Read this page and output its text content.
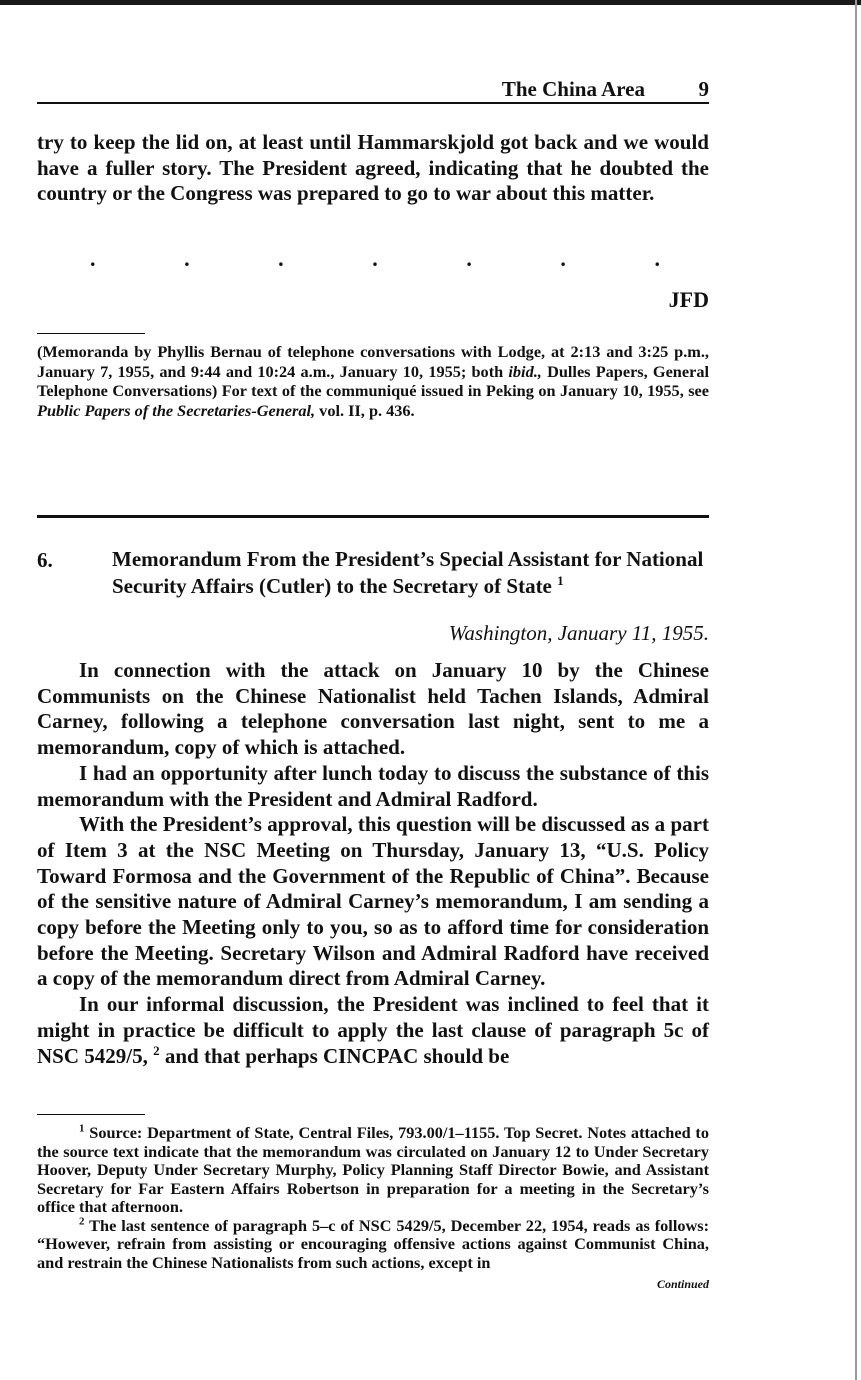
The China Area	9

try to keep the lid on, at least until Hammarskjold got back and we would have a fuller story. The President agreed, indicating that he doubted the country or the Congress was prepared to go to war about this matter.

.	.	.	.	.	.	.
JFD
(Memoranda by Phyllis Bernau of telephone conversations with Lodge, at 2:13 and 3:25 p.m., January 7, 1955, and 9:44 and 10:24 a.m., January 10, 1955; both ibid., Dulles Papers, General Telephone Conversations) For text of the communiqué issued in Peking on January 10, 1955, see Public Papers of the Secretaries-General, vol. II, p. 436.
6.	Memorandum From the President’s Special Assistant for National Security Affairs (Cutler) to the Secretary of State $^1$
Washington, January 11, 1955.

In connection with the attack on January 10 by the Chinese Communists on the Chinese Nationalist held Tachen Islands, Admiral Carney, following a telephone conversation last night, sent to me a memorandum, copy of which is attached.

I had an opportunity after lunch today to discuss the substance of this memorandum with the President and Admiral Radford.

With the President’s approval, this question will be discussed as a part of Item 3 at the NSC Meeting on Thursday, January 13, “U.S. Policy Toward Formosa and the Government of the Republic of China”. Because of the sensitive nature of Admiral Carney’s memorandum, I am sending a copy before the Meeting only to you, so as to afford time for consideration before the Meeting. Secretary Wilson and Admiral Radford have received a copy of the memorandum direct from Admiral Carney.

In our informal discussion, the President was inclined to feel that it might in practice be difficult to apply the last clause of paragraph 5c of NSC 5429/5, $^2$ and that perhaps CINCPAC should be

$^1$ Source: Department of State, Central Files, 793.00/1–1155. Top Secret. Notes attached to the source text indicate that the memorandum was circulated on January 12 to Under Secretary Hoover, Deputy Under Secretary Murphy, Policy Planning Staff Director Bowie, and Assistant Secretary for Far Eastern Affairs Robertson in preparation for a meeting in the Secretary’s office that afternoon.

$^2$ The last sentence of paragraph 5–c of NSC 5429/5, December 22, 1954, reads as follows: “However, refrain from assisting or encouraging offensive actions against Communist China, and restrain the Chinese Nationalists from such actions, except in

Continued
